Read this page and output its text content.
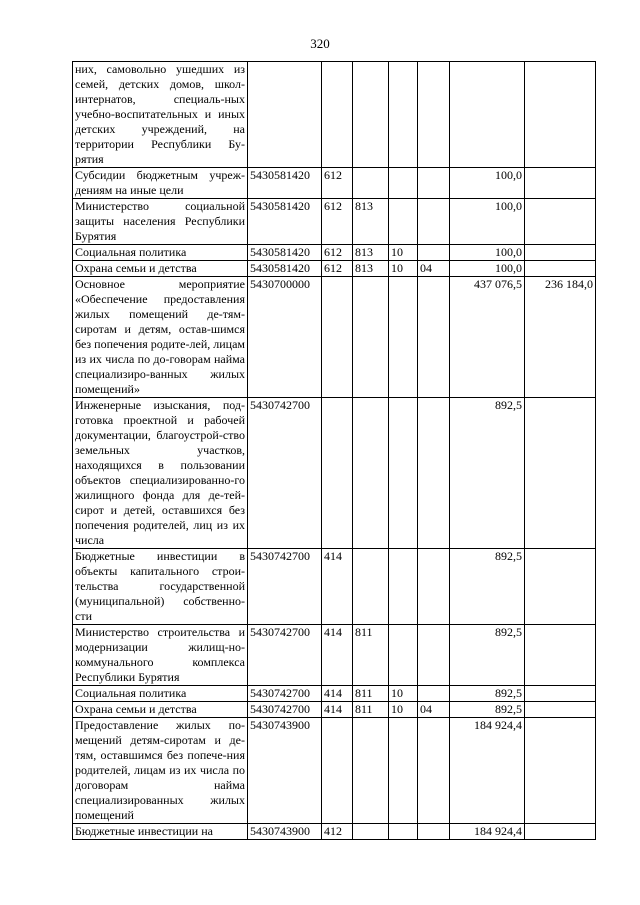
320
них, самовольно ушедших из семей, детских домов, школ-интернатов, специаль-ных учебно-воспитательных и иных детских учреждений, на территории Республики Бу-рятия							
Субсидии бюджетным учреж-дениям на иные цели	5430581420	612				100,0	
Министерство социальной защиты населения Республики Бурятия	5430581420	612	813			100,0	
Социальная политика	5430581420	612	813	10		100,0	
Охрана семьи и детства	5430581420	612	813	10	04	100,0	
Основное мероприятие «Обеспечение предоставления жилых помещений де-тям-сиротам и детям, остав-шимся без попечения родите-лей, лицам из их числа по до-говорам найма специализиро-ванных жилых помещений»	5430700000					437 076,5	236 184,0
Инженерные изыскания, под-готовка проектной и рабочей документации, благоустрой-ство земельных участков, находящихся в пользовании объектов специализированно-го жилищного фонда для де-тей-сирот и детей, оставшихся без попечения родителей, лиц из их числа	5430742700					892,5	
Бюджетные инвестиции в объекты капитального строи-тельства государственной (муниципальной) собственно-сти	5430742700	414				892,5	
Министерство строительства и модернизации жилищ-но-коммунального комплекса Республики Бурятия	5430742700	414	811			892,5	
Социальная политика	5430742700	414	811	10		892,5	
Охрана семьи и детства	5430742700	414	811	10	04	892,5	
Предоставление жилых по-мещений детям-сиротам и де-тям, оставшимся без попече-ния родителей, лицам из их числа по договорам найма специализированных жилых помещений	5430743900					184 924,4	
Бюджетные инвестиции на	5430743900	412				184 924,4	
